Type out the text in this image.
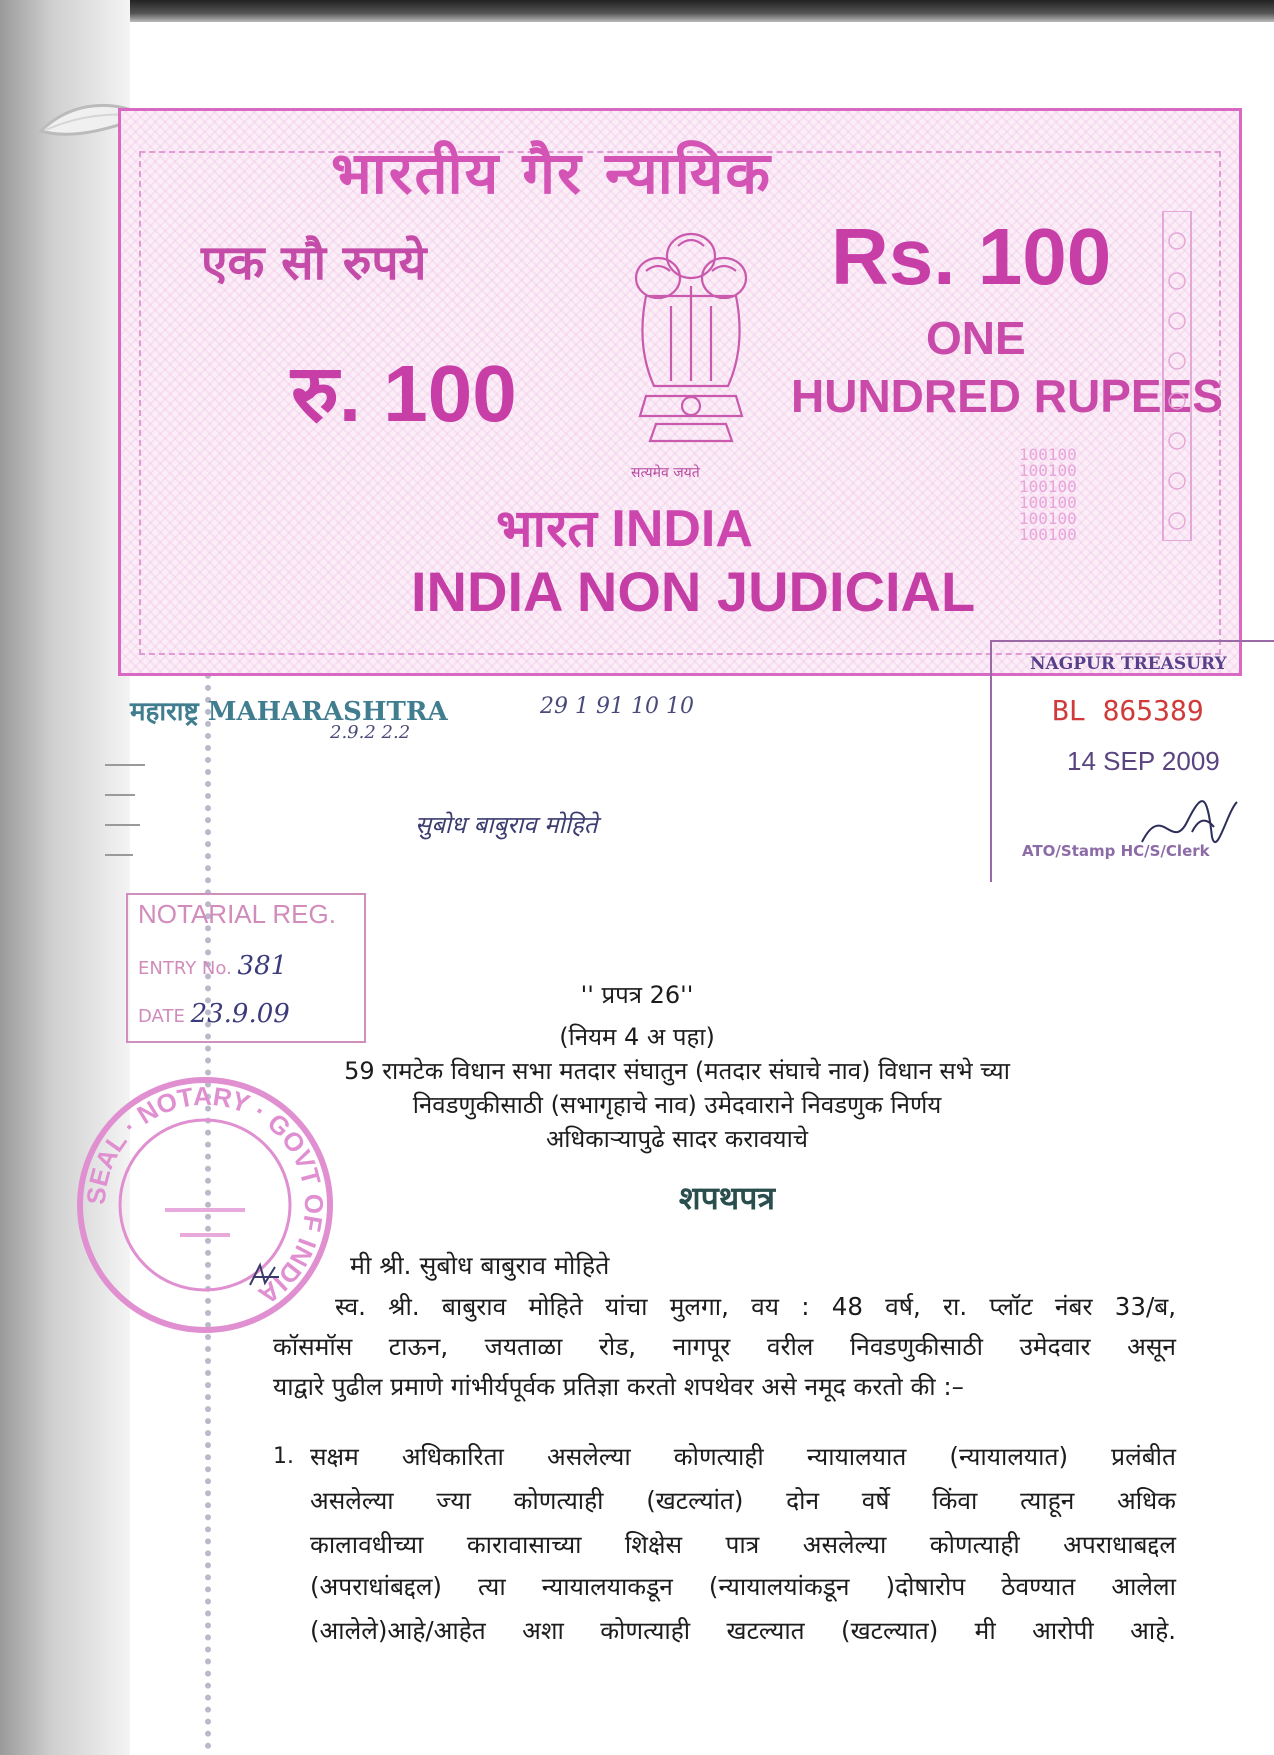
भारतीय गैर न्यायिक
एक सौ रुपये	Rs. 100
रु. 100
ONE
HUNDRED RUPEES
सत्यमेव जयते
भारत INDIA
INDIA NON JUDICIAL
100100
100100
100100
100100
100100
100100
NAGPUR TREASURY
BL 865389
14 SEP 2009
ATO/Stamp HC/S/Clerk
महाराष्ट्र MAHARASHTRA	29 1 91 10 10
2.9.2 2.2
सुबोध बाबुराव मोहिते
NOTARIAL REG.
ENTRY No. 381
DATE 23.9.09
SEAL · NOTARY · GOVT OF INDIA
'' प्रपत्र 26''
(नियम 4 अ पहा)
59 रामटेक विधान सभा मतदार संघातुन (मतदार संघाचे नाव) विधान सभे च्या
निवडणुकीसाठी (सभागृहाचे नाव) उमेदवाराने निवडणुक निर्णय
अधिकाऱ्यापुढे सादर करावयाचे
शपथपत्र
मी श्री. सुबोध बाबुराव मोहिते
स्व. श्री. बाबुराव मोहिते यांचा मुलगा, वय : 48 वर्ष, रा. प्लॉट नंबर 33/ब,
कॉसमॉस टाऊन, जयताळा रोड, नागपूर वरील निवडणुकीसाठी उमेदवार असून
याद्वारे पुढील प्रमाणे गांभीर्यपूर्वक प्रतिज्ञा करतो शपथेवर असे नमूद करतो की :–
1. सक्षम अधिकारिता असलेल्या कोणत्याही न्यायालयात (न्यायालयात) प्रलंबीत
असलेल्या ज्या कोणत्याही (खटल्यांत) दोन वर्षे किंवा त्याहून अधिक
कालावधीच्या कारावासाच्या शिक्षेस पात्र असलेल्या कोणत्याही अपराधाबद्दल
(अपराधांबद्दल) त्या न्यायालयाकडून (न्यायालयांकडून )दोषारोप ठेवण्यात आलेला
(आलेले)आहे/आहेत अशा कोणत्याही खटल्यात (खटल्यात) मी आरोपी आहे.
